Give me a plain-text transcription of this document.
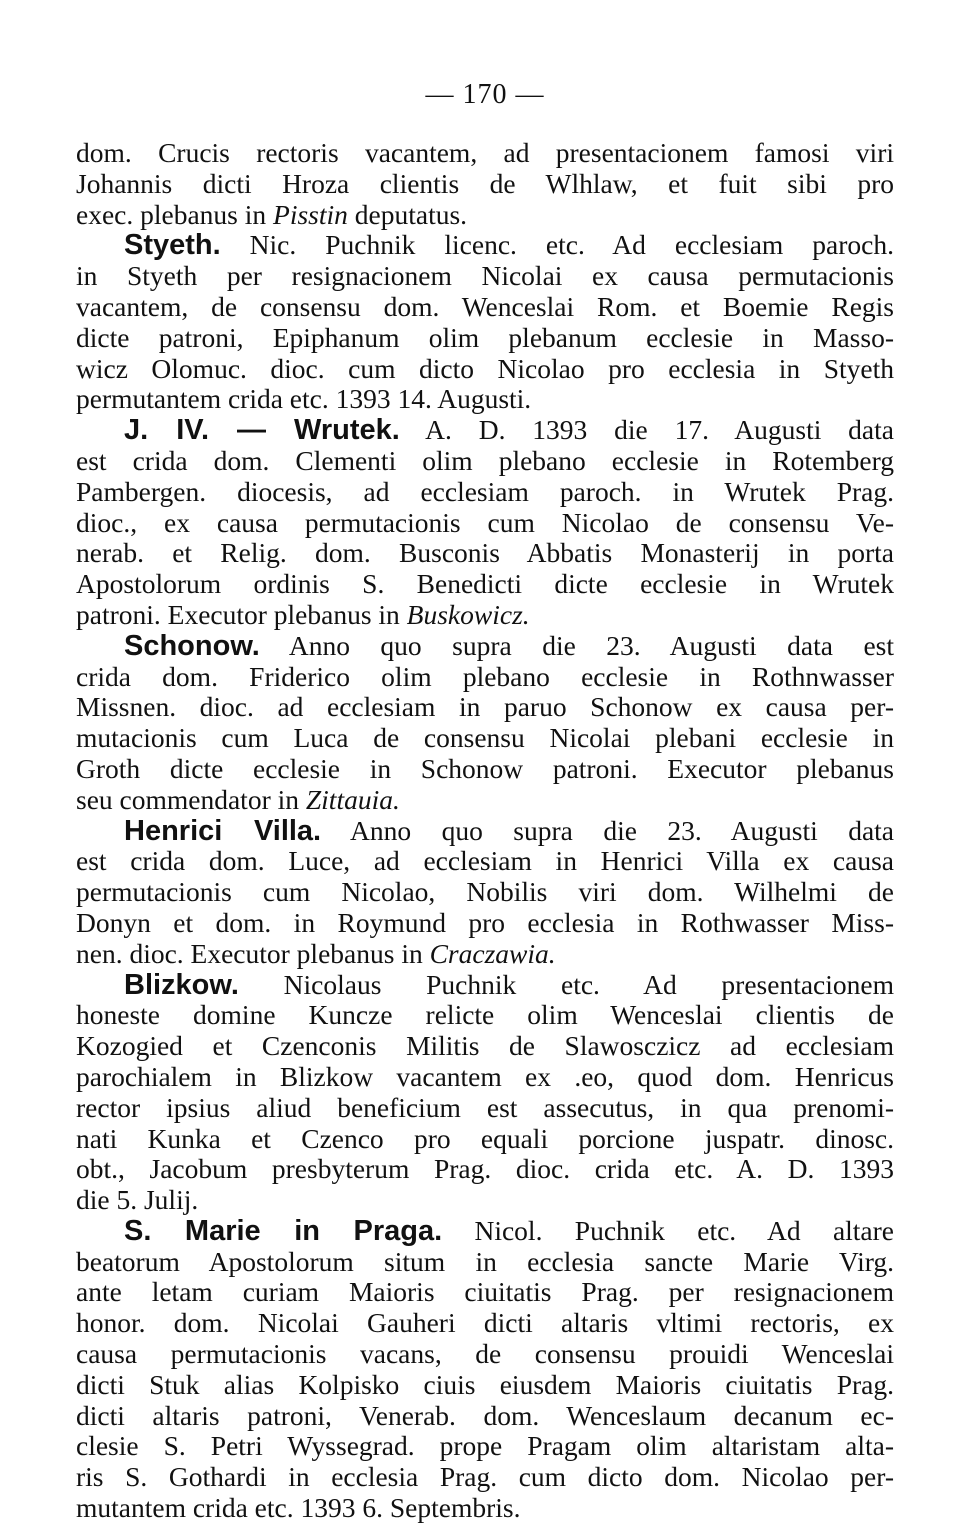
— 170 —
dom. Crucis rectoris vacantem, ad presentacionem famosi viri
Johannis dicti Hroza clientis de Wlhlaw, et fuit sibi pro
exec. plebanus in Pisstin deputatus.
Styeth. Nic. Puchnik licenc. etc. Ad ecclesiam paroch.
in Styeth per resignacionem Nicolai ex causa permutacionis
vacantem, de consensu dom. Wenceslai Rom. et Boemie Regis
dicte patroni, Epiphanum olim plebanum ecclesie in Masso-
wicz Olomuc. dioc. cum dicto Nicolao pro ecclesia in Styeth
permutantem crida etc. 1393 14. Augusti.
J. IV. — Wrutek. A. D. 1393 die 17. Augusti data
est crida dom. Clementi olim plebano ecclesie in Rotemberg
Pambergen. diocesis, ad ecclesiam paroch. in Wrutek Prag.
dioc., ex causa permutacionis cum Nicolao de consensu Ve-
nerab. et Relig. dom. Busconis Abbatis Monasterij in porta
Apostolorum ordinis S. Benedicti dicte ecclesie in Wrutek
patroni. Executor plebanus in Buskowicz.
Schonow. Anno quo supra die 23. Augusti data est
crida dom. Friderico olim plebano ecclesie in Rothnwasser
Missnen. dioc. ad ecclesiam in paruo Schonow ex causa per-
mutacionis cum Luca de consensu Nicolai plebani ecclesie in
Groth dicte ecclesie in Schonow patroni. Executor plebanus
seu commendator in Zittauia.
Henrici Villa. Anno quo supra die 23. Augusti data
est crida dom. Luce, ad ecclesiam in Henrici Villa ex causa
permutacionis cum Nicolao, Nobilis viri dom. Wilhelmi de
Donyn et dom. in Roymund pro ecclesia in Rothwasser Miss-
nen. dioc. Executor plebanus in Craczawia.
Blizkow. Nicolaus Puchnik etc. Ad presentacionem
honeste domine Kuncze relicte olim Wenceslai clientis de
Kozogied et Czenconis Militis de Slawosczicz ad ecclesiam
parochialem in Blizkow vacantem ex .eo, quod dom. Henricus
rector ipsius aliud beneficium est assecutus, in qua prenomi-
nati Kunka et Czenco pro equali porcione juspatr. dinosc.
obt., Jacobum presbyterum Prag. dioc. crida etc. A. D. 1393
die 5. Julij.
S. Marie in Praga. Nicol. Puchnik etc. Ad altare
beatorum Apostolorum situm in ecclesia sancte Marie Virg.
ante letam curiam Maioris ciuitatis Prag. per resignacionem
honor. dom. Nicolai Gauheri dicti altaris vltimi rectoris, ex
causa permutacionis vacans, de consensu prouidi Wenceslai
dicti Stuk alias Kolpisko ciuis eiusdem Maioris ciuitatis Prag.
dicti altaris patroni, Venerab. dom. Wenceslaum decanum ec-
clesie S. Petri Wyssegrad. prope Pragam olim altaristam alta-
ris S. Gothardi in ecclesia Prag. cum dicto dom. Nicolao per-
mutantem crida etc. 1393 6. Septembris.
